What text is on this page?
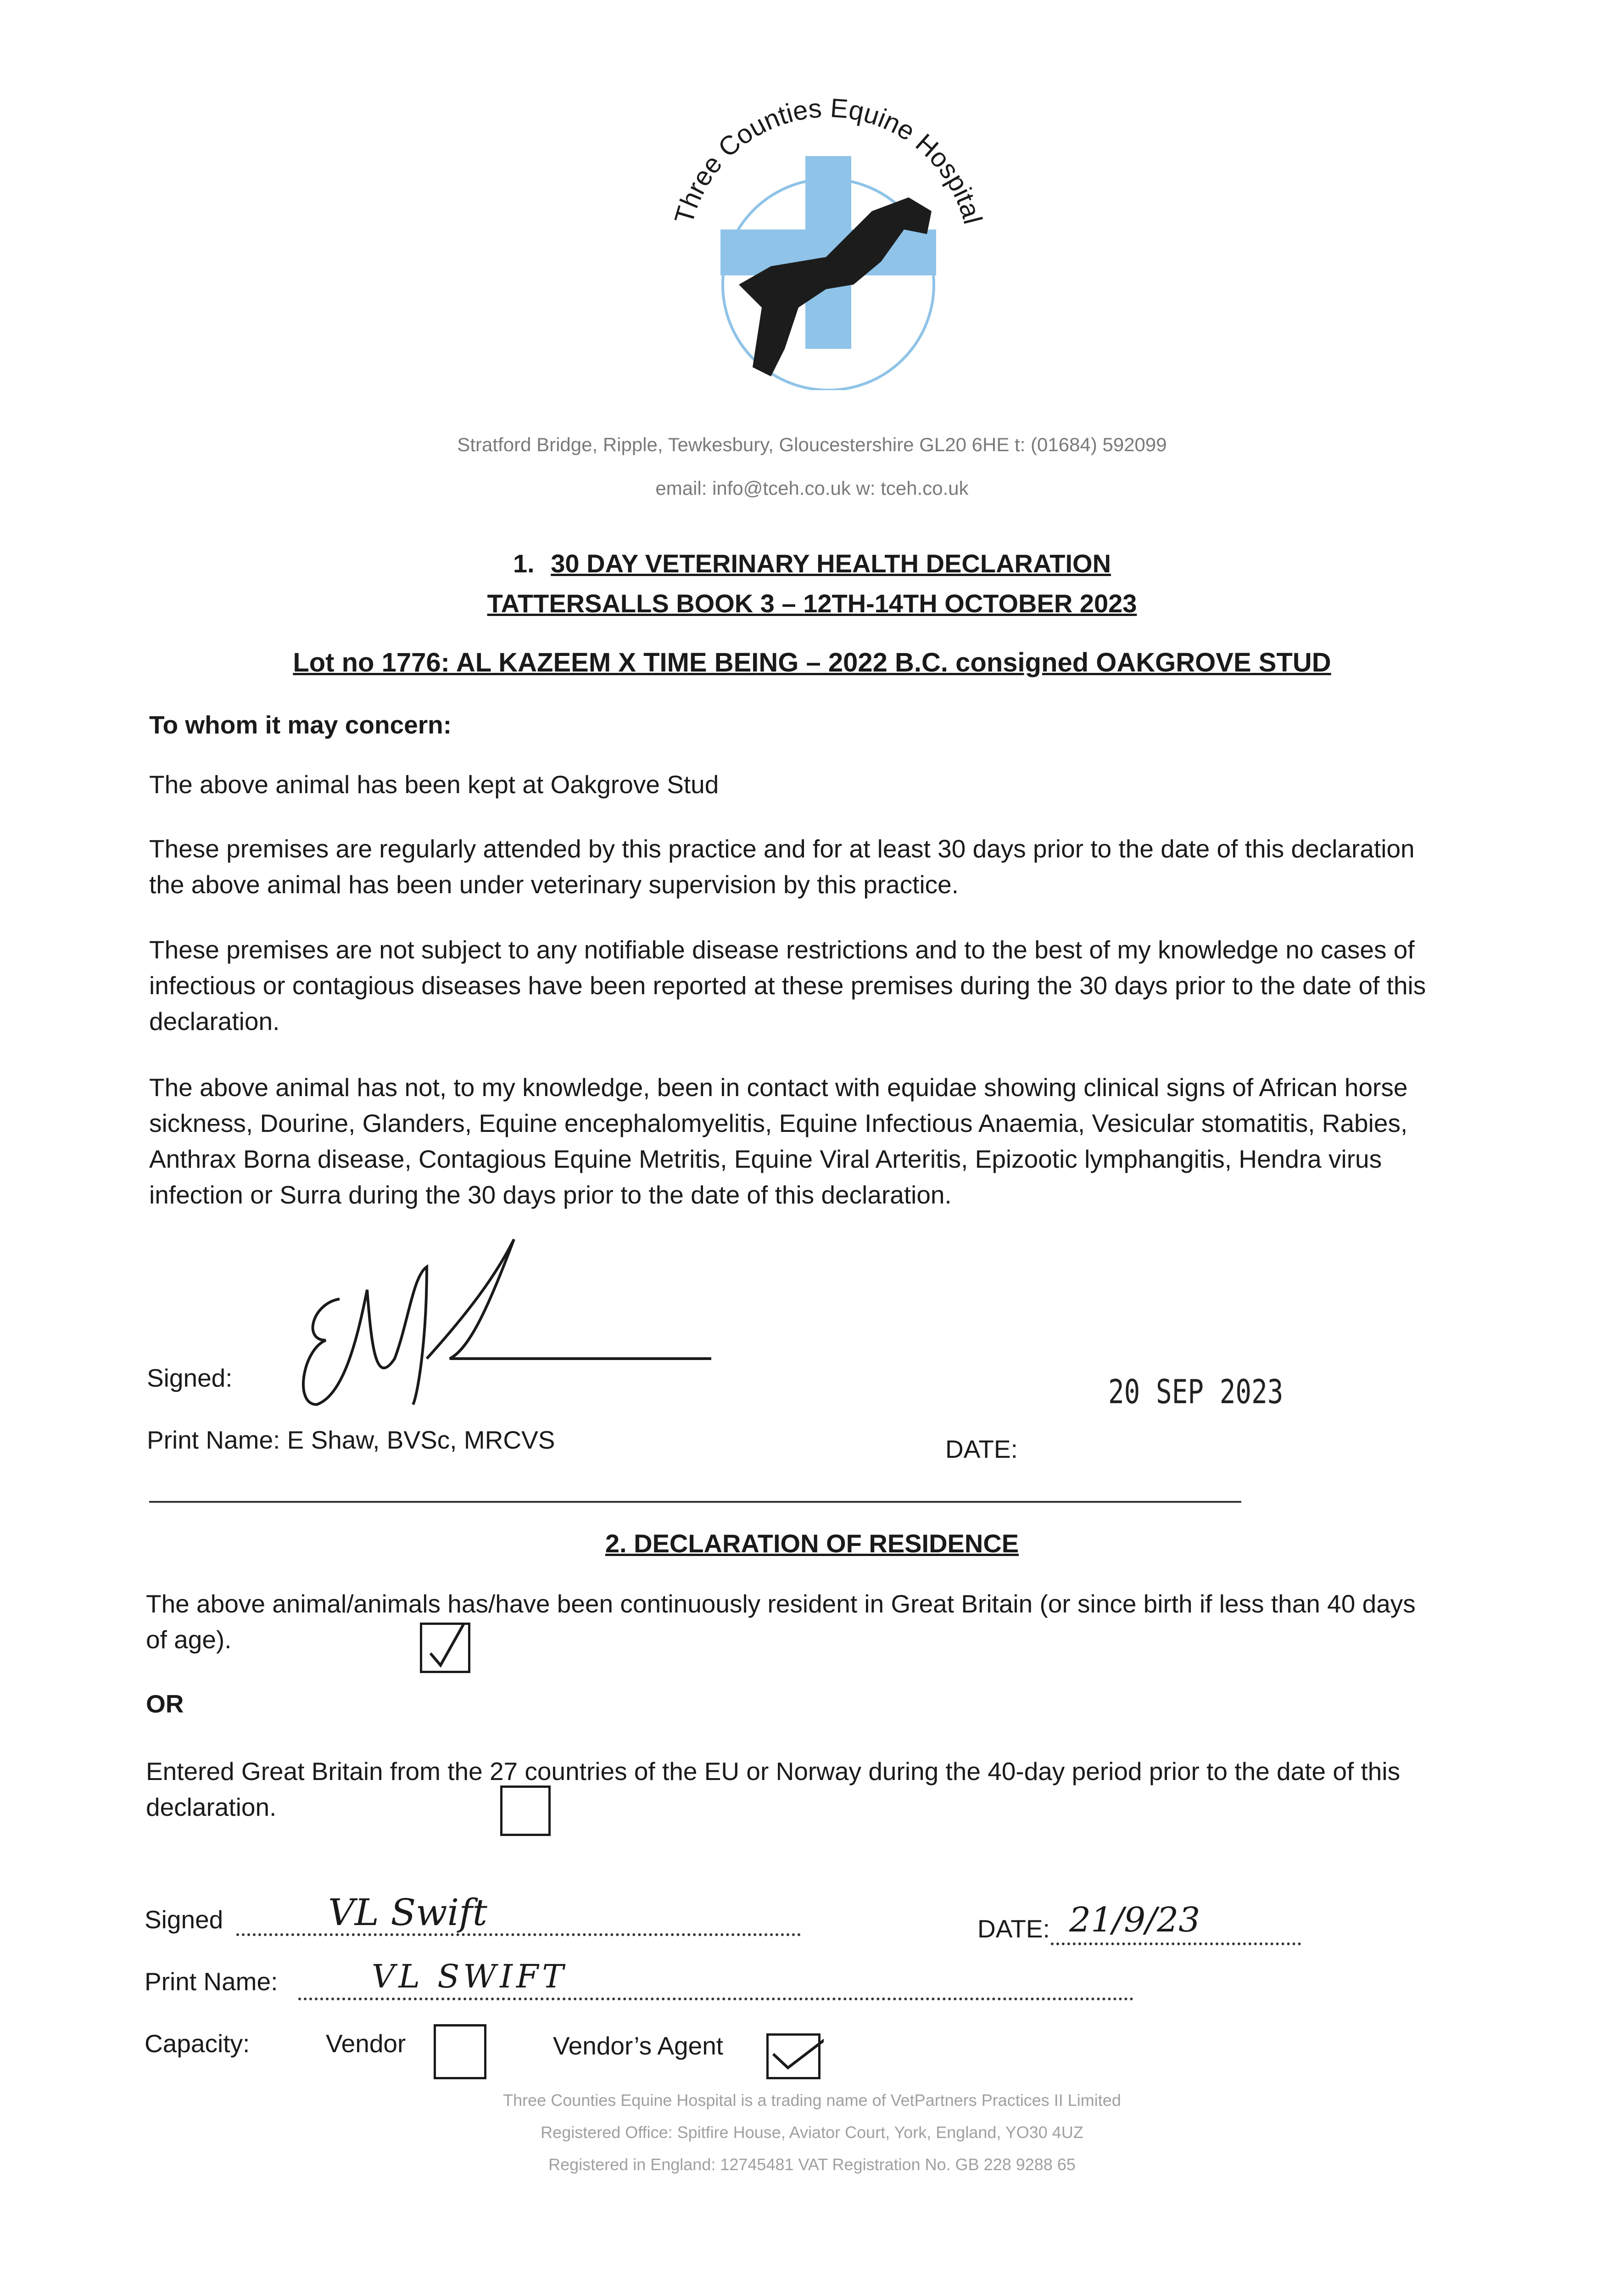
Three Counties Equine Hospital
Stratford Bridge, Ripple, Tewkesbury, Gloucestershire GL20 6HE t: (01684) 592099
email: info@tceh.co.uk w: tceh.co.uk
1. 30 DAY VETERINARY HEALTH DECLARATION
TATTERSALLS BOOK 3 – 12TH-14TH OCTOBER 2023
Lot no 1776: AL KAZEEM X TIME BEING – 2022 B.C. consigned OAKGROVE STUD
To whom it may concern:
The above animal has been kept at Oakgrove Stud
These premises are regularly attended by this practice and for at least 30 days prior to the date of this declaration the above animal has been under veterinary supervision by this practice.
These premises are not subject to any notifiable disease restrictions and to the best of my knowledge no cases of infectious or contagious diseases have been reported at these premises during the 30 days prior to the date of this declaration.
The above animal has not, to my knowledge, been in contact with equidae showing clinical signs of African horse sickness, Dourine, Glanders, Equine encephalomyelitis, Equine Infectious Anaemia, Vesicular stomatitis, Rabies, Anthrax Borna disease, Contagious Equine Metritis, Equine Viral Arteritis, Epizootic lymphangitis, Hendra virus infection or Surra during the 30 days prior to the date of this declaration.
Signed:	20 SEP 2023
Print Name: E Shaw, BVSc, MRCVS	DATE:
2. DECLARATION OF RESIDENCE
The above animal/animals has/have been continuously resident in Great Britain (or since birth if less than 40 days of age).
OR
Entered Great Britain from the 27 countries of the EU or Norway during the 40-day period prior to the date of this declaration.
Signed	VL Swift	DATE: 21/9/23
Print Name:	VL SWIFT
Capacity:	Vendor	Vendor’s Agent
Three Counties Equine Hospital is a trading name of VetPartners Practices II Limited
Registered Office: Spitfire House, Aviator Court, York, England, YO30 4UZ
Registered in England: 12745481 VAT Registration No. GB 228 9288 65
